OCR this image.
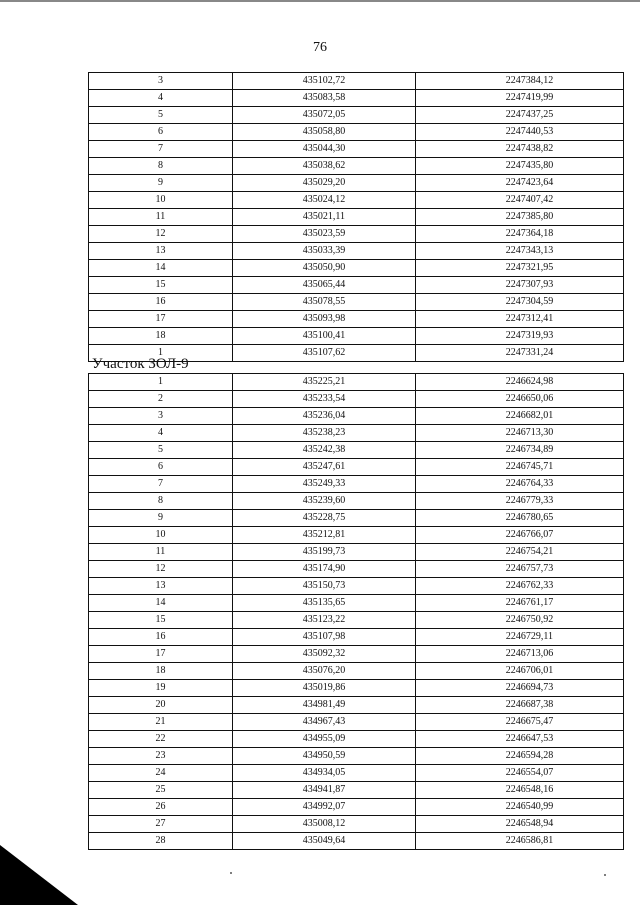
76
3	435102,72	2247384,12
4	435083,58	2247419,99
5	435072,05	2247437,25
6	435058,80	2247440,53
7	435044,30	2247438,82
8	435038,62	2247435,80
9	435029,20	2247423,64
10	435024,12	2247407,42
11	435021,11	2247385,80
12	435023,59	2247364,18
13	435033,39	2247343,13
14	435050,90	2247321,95
15	435065,44	2247307,93
16	435078,55	2247304,59
17	435093,98	2247312,41
18	435100,41	2247319,93
1	435107,62	2247331,24
Участок ЗОЛ-9
1	435225,21	2246624,98
2	435233,54	2246650,06
3	435236,04	2246682,01
4	435238,23	2246713,30
5	435242,38	2246734,89
6	435247,61	2246745,71
7	435249,33	2246764,33
8	435239,60	2246779,33
9	435228,75	2246780,65
10	435212,81	2246766,07
11	435199,73	2246754,21
12	435174,90	2246757,73
13	435150,73	2246762,33
14	435135,65	2246761,17
15	435123,22	2246750,92
16	435107,98	2246729,11
17	435092,32	2246713,06
18	435076,20	2246706,01
19	435019,86	2246694,73
20	434981,49	2246687,38
21	434967,43	2246675,47
22	434955,09	2246647,53
23	434950,59	2246594,28
24	434934,05	2246554,07
25	434941,87	2246548,16
26	434992,07	2246540,99
27	435008,12	2246548,94
28	435049,64	2246586,81
